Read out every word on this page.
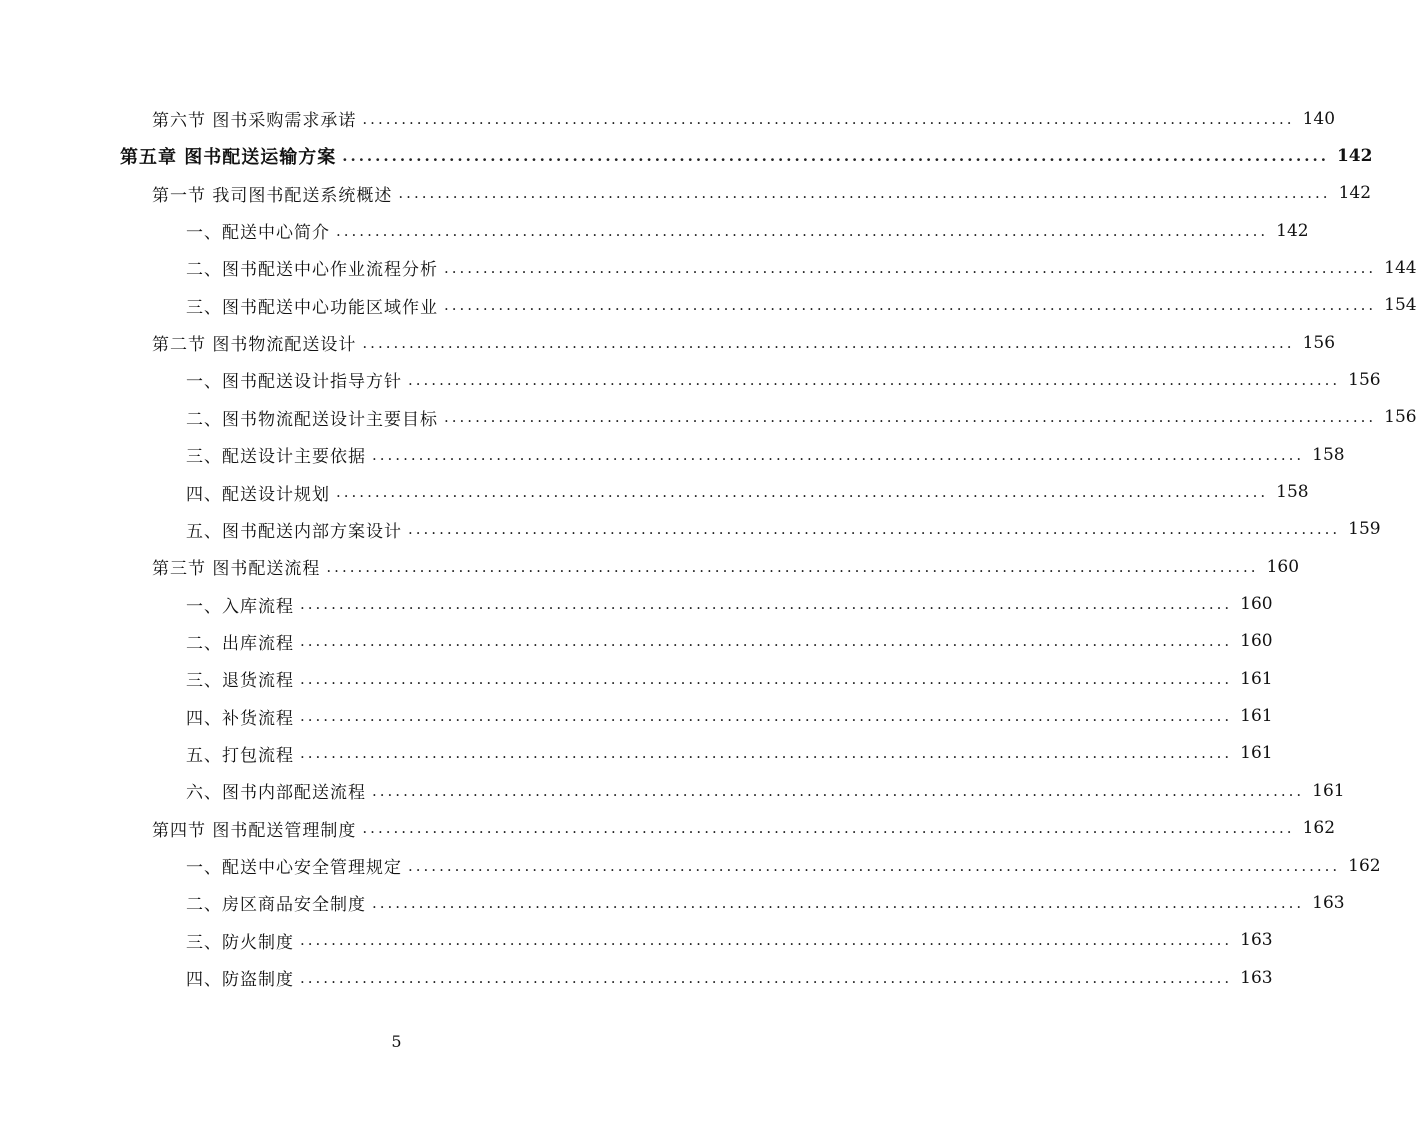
第六节 图书采购需求承诺 ........................................................................................................................ 140
第五章 图书配送运输方案 ........................................................................................................................ 142
第一节 我司图书配送系统概述 ........................................................................................................................ 142
一、配送中心简介 ........................................................................................................................ 142
二、图书配送中心作业流程分析 ........................................................................................................................ 144
三、图书配送中心功能区域作业 ........................................................................................................................ 154
第二节 图书物流配送设计 ........................................................................................................................ 156
一、图书配送设计指导方针 ........................................................................................................................ 156
二、图书物流配送设计主要目标 ........................................................................................................................ 156
三、配送设计主要依据 ........................................................................................................................ 158
四、配送设计规划 ........................................................................................................................ 158
五、图书配送内部方案设计 ........................................................................................................................ 159
第三节 图书配送流程 ........................................................................................................................ 160
一、入库流程 ........................................................................................................................ 160
二、出库流程 ........................................................................................................................ 160
三、退货流程 ........................................................................................................................ 161
四、补货流程 ........................................................................................................................ 161
五、打包流程 ........................................................................................................................ 161
六、图书内部配送流程 ........................................................................................................................ 161
第四节 图书配送管理制度 ........................................................................................................................ 162
一、配送中心安全管理规定 ........................................................................................................................ 162
二、房区商品安全制度 ........................................................................................................................ 163
三、防火制度 ........................................................................................................................ 163
四、防盗制度 ........................................................................................................................ 163
5
